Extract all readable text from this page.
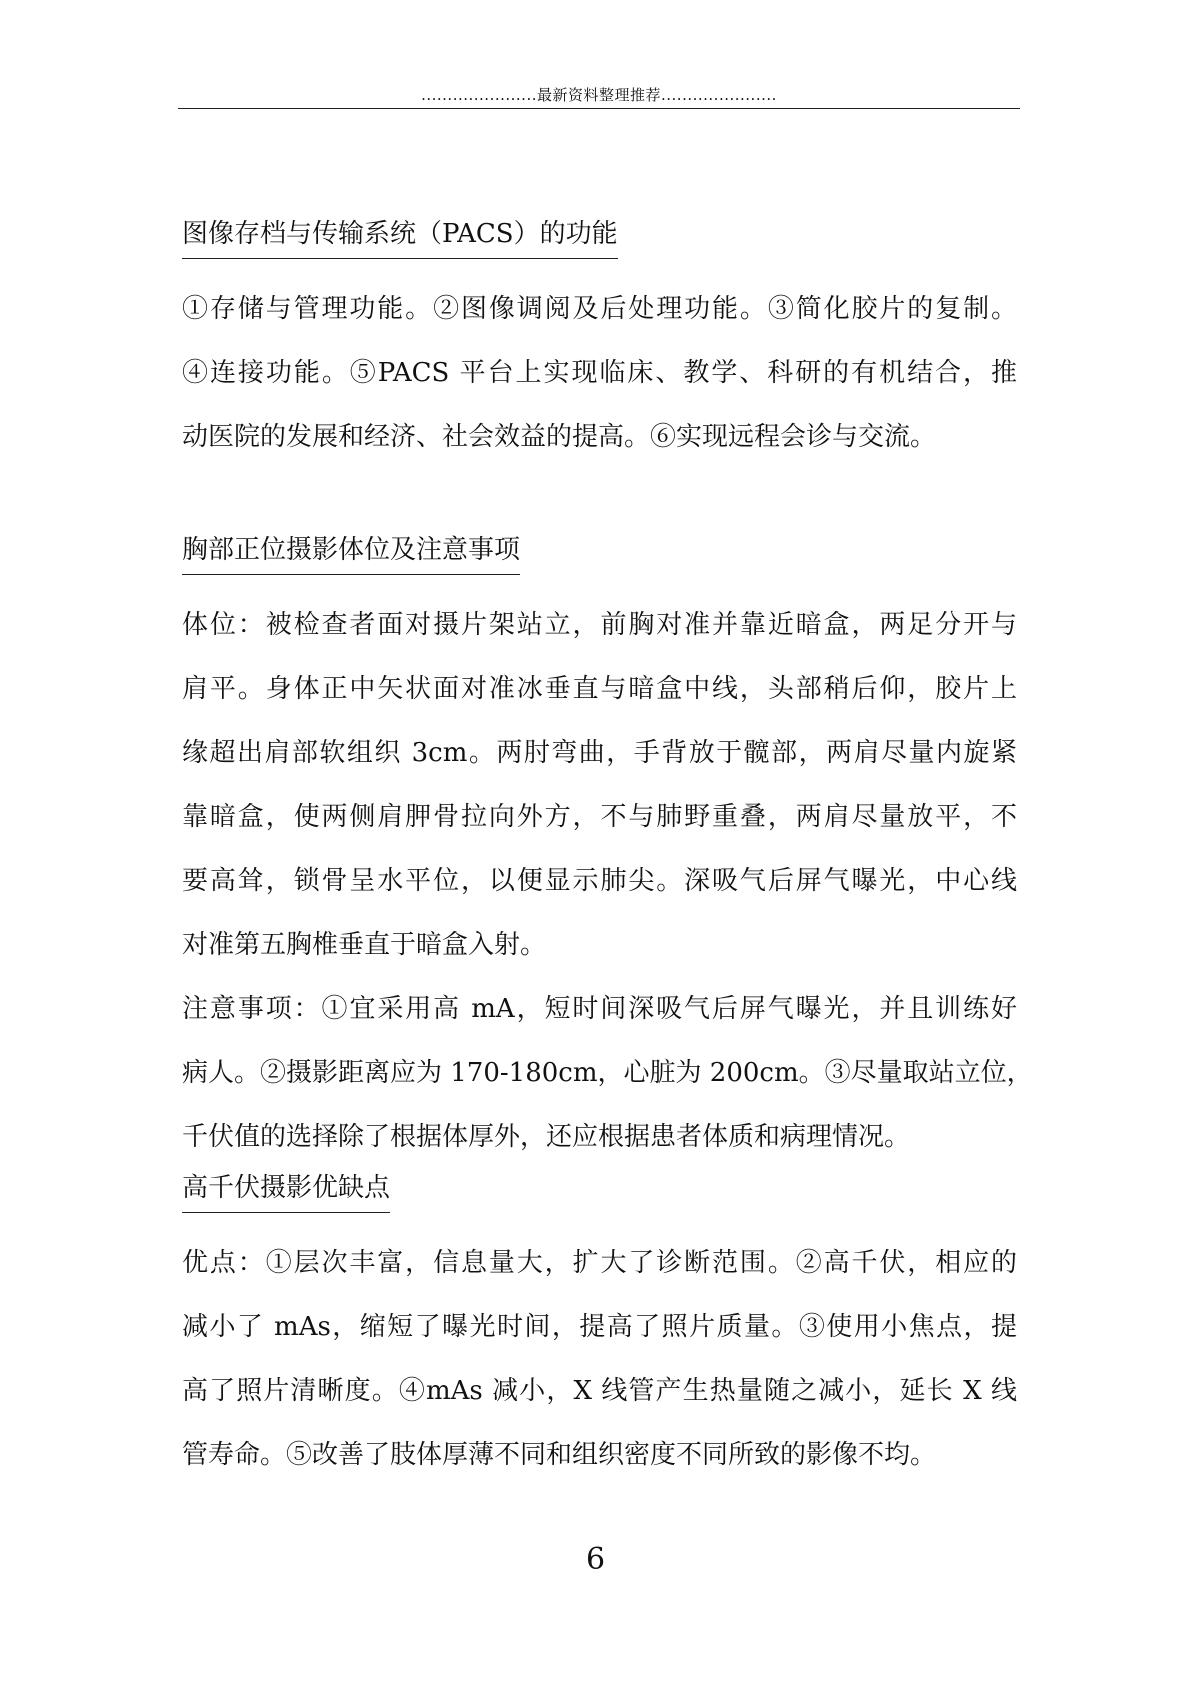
......................最新资料整理推荐......................
图像存档与传输系统（PACS）的功能
①存储与管理功能。②图像调阅及后处理功能。③简化胶片的复制。
④连接功能。⑤PACS 平台上实现临床、教学、科研的有机结合，推
动医院的发展和经济、社会效益的提高。⑥实现远程会诊与交流。
胸部正位摄影体位及注意事项
体位：被检查者面对摄片架站立，前胸对准并靠近暗盒，两足分开与
肩平。身体正中矢状面对准冰垂直与暗盒中线，头部稍后仰，胶片上
缘超出肩部软组织 3cm。两肘弯曲，手背放于髋部，两肩尽量内旋紧
靠暗盒，使两侧肩胛骨拉向外方，不与肺野重叠，两肩尽量放平，不
要高耸，锁骨呈水平位，以便显示肺尖。深吸气后屏气曝光，中心线
对准第五胸椎垂直于暗盒入射。
注意事项：①宜采用高 mA，短时间深吸气后屏气曝光，并且训练好
病人。②摄影距离应为 170-180cm，心脏为 200cm。③尽量取站立位，
千伏值的选择除了根据体厚外，还应根据患者体质和病理情况。
高千伏摄影优缺点
优点：①层次丰富，信息量大，扩大了诊断范围。②高千伏，相应的
减小了 mAs，缩短了曝光时间，提高了照片质量。③使用小焦点，提
高了照片清晰度。④mAs 减小，X 线管产生热量随之减小，延长 X 线
管寿命。⑤改善了肢体厚薄不同和组织密度不同所致的影像不均。
6
